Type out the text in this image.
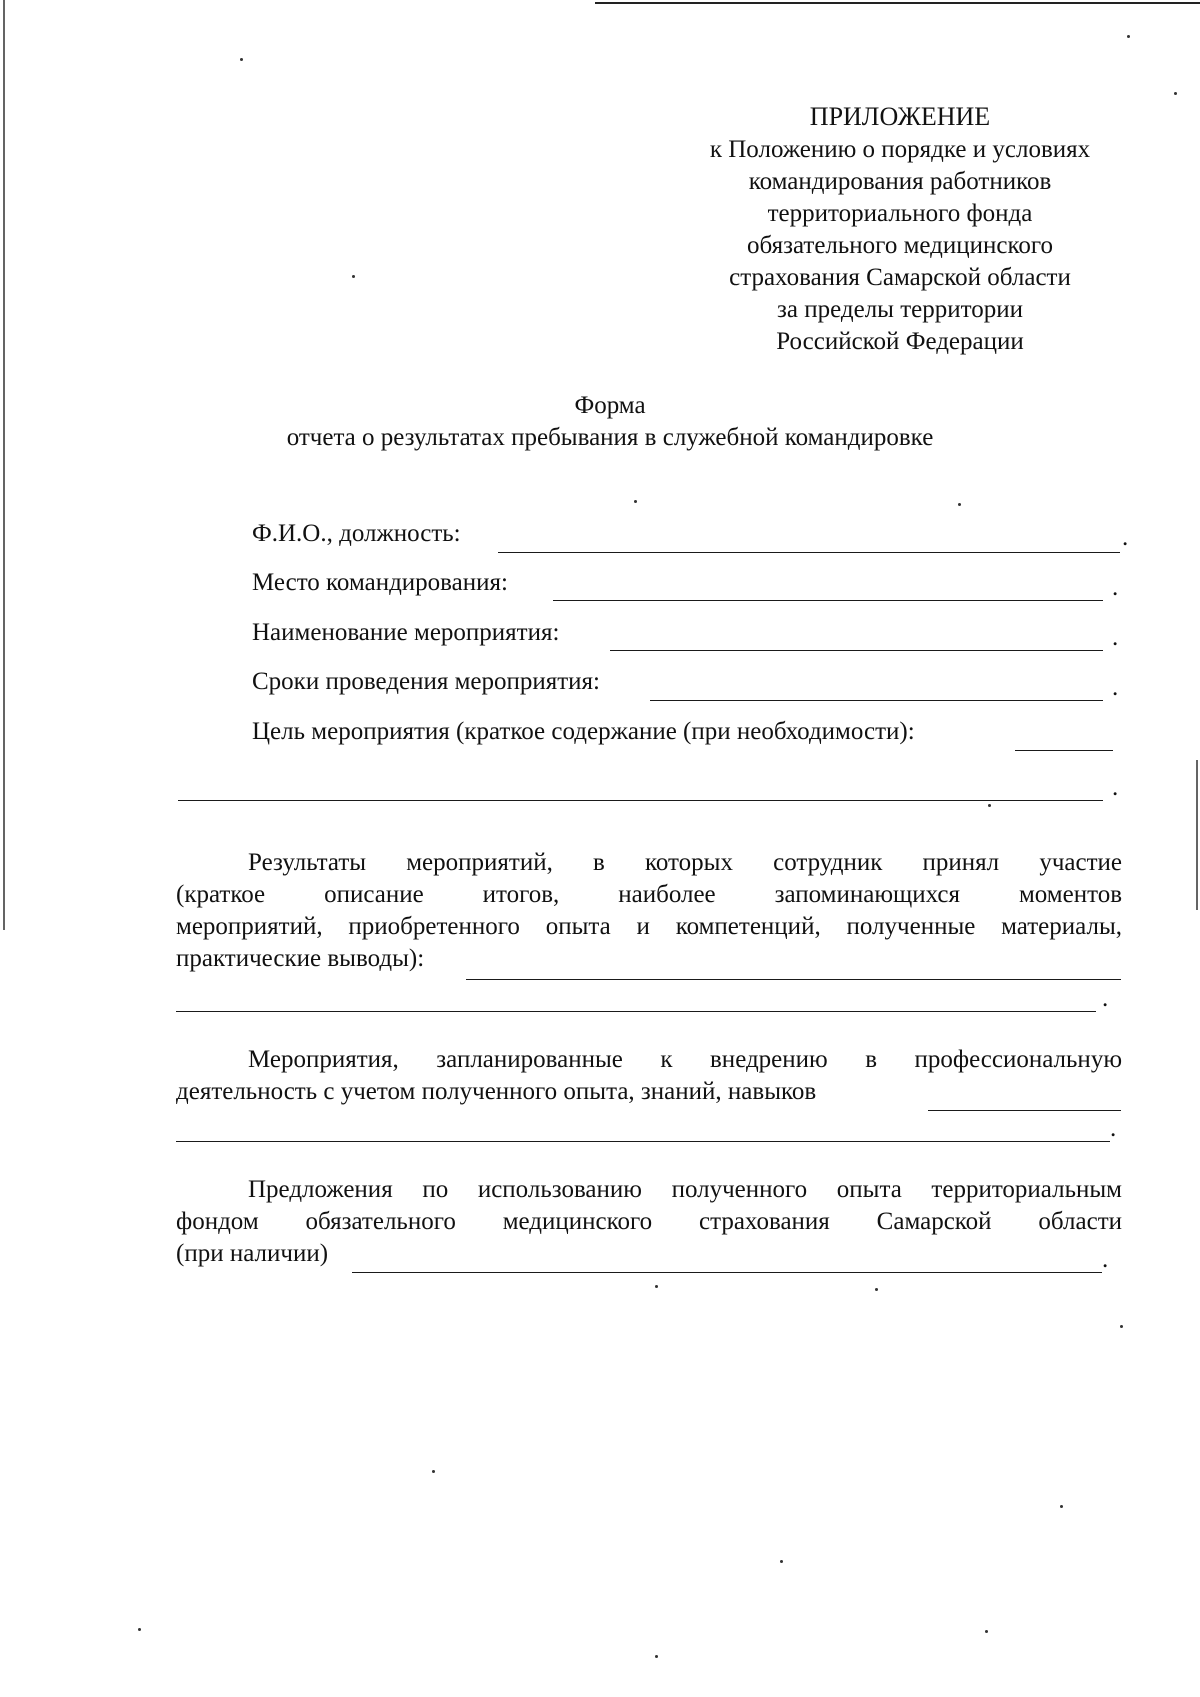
ПРИЛОЖЕНИЕ
к Положению о порядке и условиях
командирования работников
территориального фонда
обязательного медицинского
страхования Самарской области
за пределы территории
Российской Федерации
Форма
отчета о результатах пребывания в служебной командировке
Ф.И.О., должность:	.
Место командирования:	.
Наименование мероприятия:	.
Сроки проведения мероприятия:	.
Цель мероприятия (краткое содержание (при необходимости):
.
Результаты мероприятий, в которых сотрудник принял участие
(краткое описание итогов, наиболее запоминающихся моментов
мероприятий, приобретенного опыта и компетенций, полученные материалы,
практические выводы):
.
Мероприятия, запланированные к внедрению в профессиональную
деятельность с учетом полученного опыта, знаний, навыков
.
Предложения по использованию полученного опыта территориальным
фондом обязательного медицинского страхования Самарской области
(при наличии)	.
